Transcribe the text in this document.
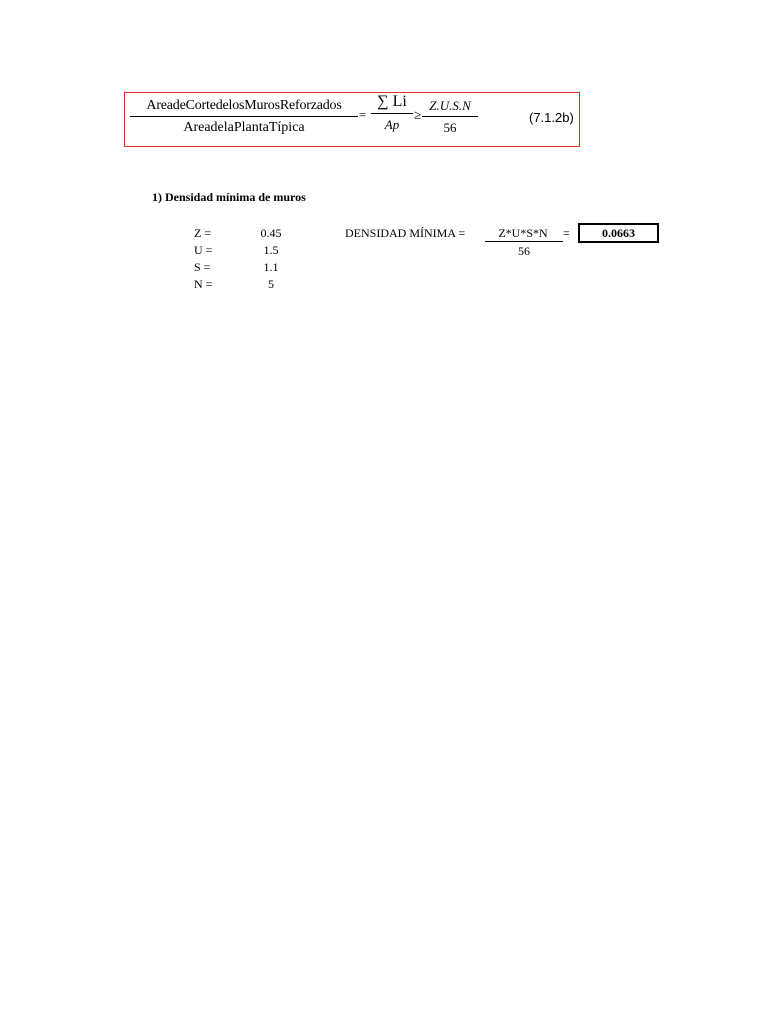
AreadeCortedelosMurosReforzados
AreadelaPlantaTípica
=
∑ Li
Ap
≥
Z.U.S.N
56
(7.1.2b)
1) Densidad mínima de muros
Z =	0.45
U =	1.5
S =	1.1
N =	5
DENSIDAD MÍNIMA =	Z*U*S*N
56
=	0.0663
